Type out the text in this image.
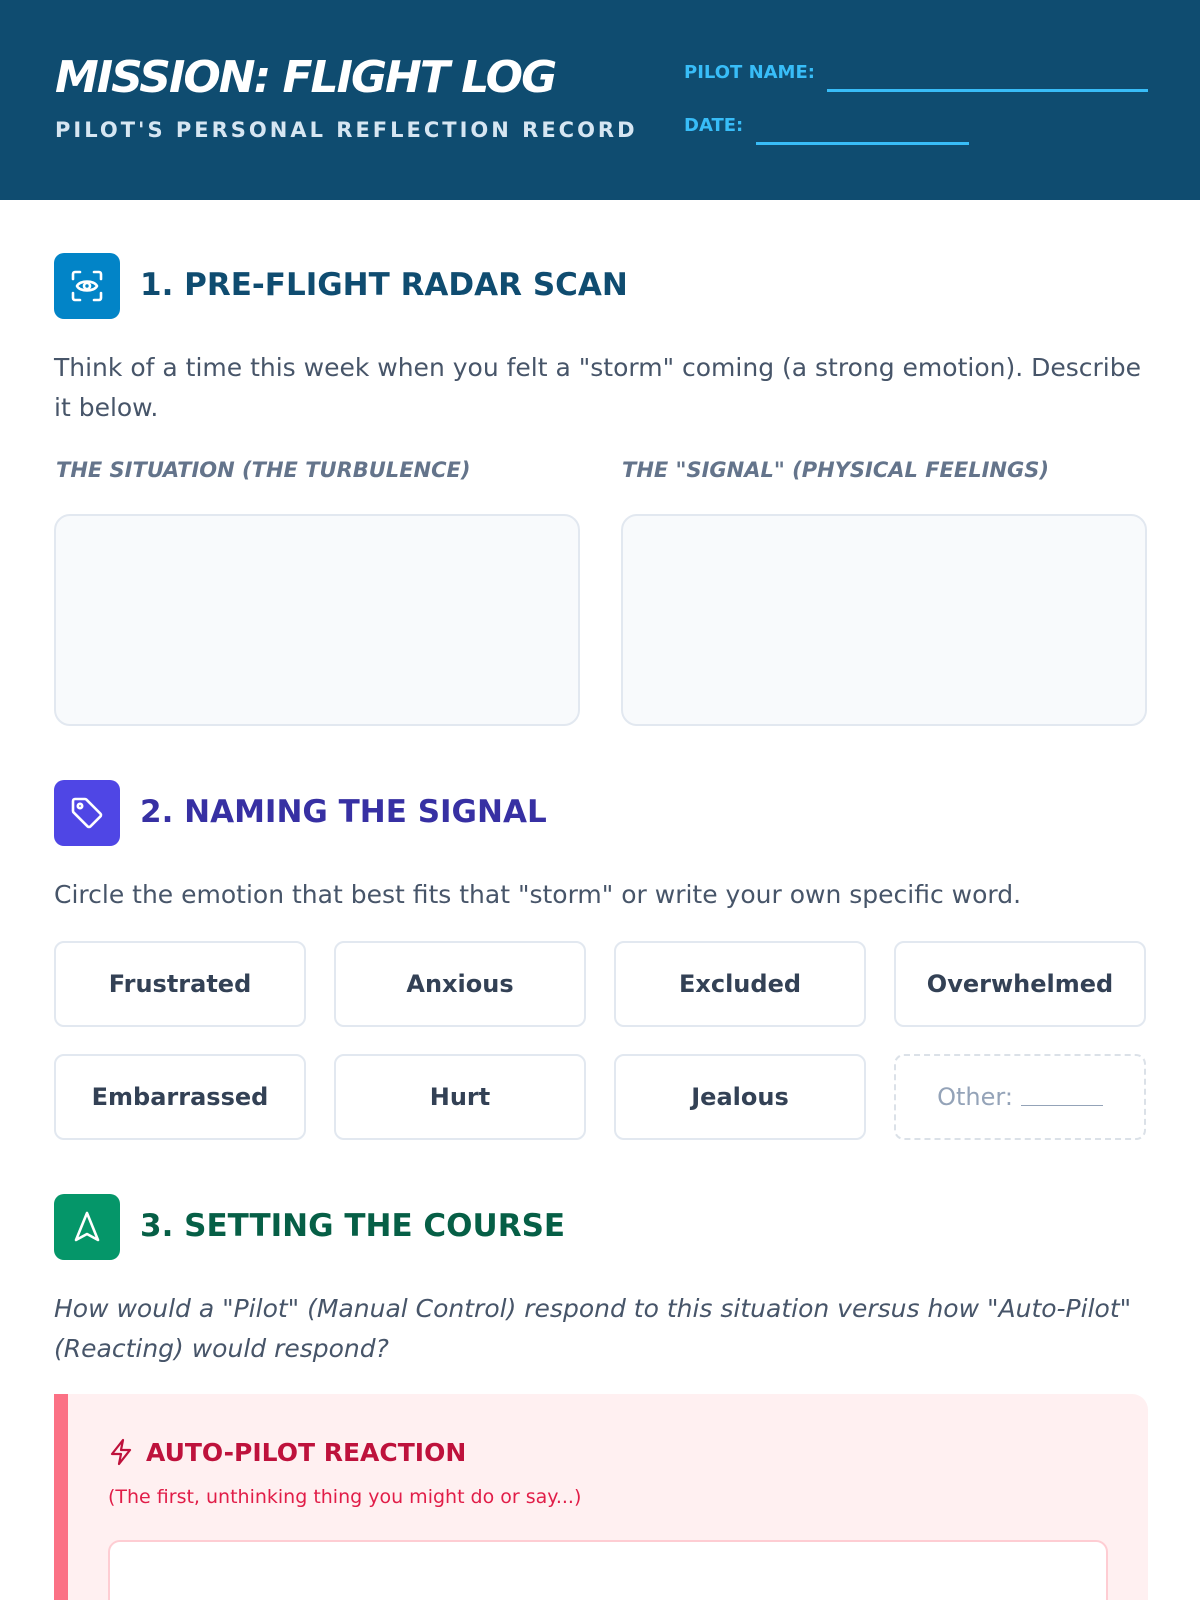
MISSION: FLIGHT LOG
PILOT'S PERSONAL REFLECTION RECORD
PILOT NAME:
DATE:
1. PRE-FLIGHT RADAR SCAN
Think of a time this week when you felt a "storm" coming (a strong emotion). Describe it below.
THE SITUATION (THE TURBULENCE)	THE "SIGNAL" (PHYSICAL FEELINGS)
2. NAMING THE SIGNAL
Circle the emotion that best fits that "storm" or write your own specific word.
Frustrated	Anxious	Excluded	Overwhelmed
Embarrassed	Hurt	Jealous	Other:
3. SETTING THE COURSE
How would a "Pilot" (Manual Control) respond to this situation versus how "Auto-Pilot" (Reacting) would respond?
AUTO-PILOT REACTION
(The first, unthinking thing you might do or say...)
